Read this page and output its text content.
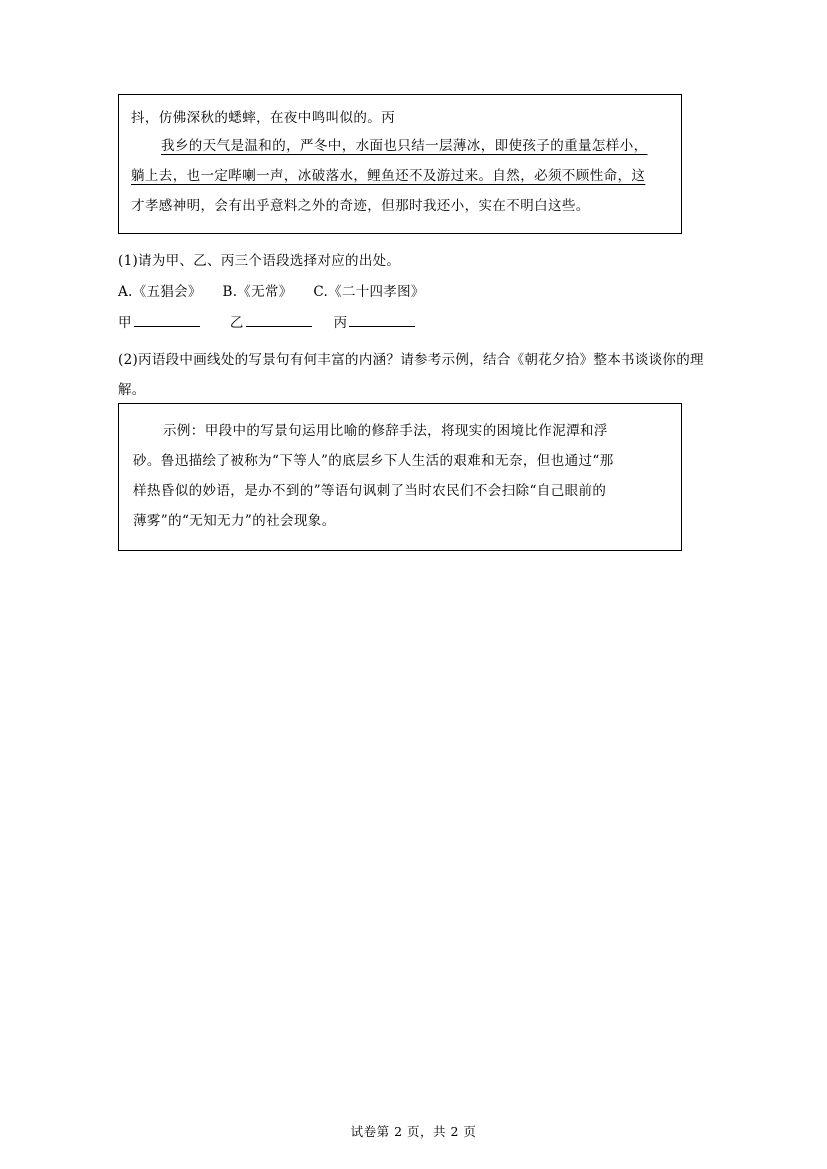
抖，仿佛深秋的蟋蟀，在夜中鸣叫似的。丙
我乡的天气是温和的，严冬中，水面也只结一层薄冰，即使孩子的重量怎样小，
躺上去，也一定哔喇一声，冰破落水，鲤鱼还不及游过来。自然，必须不顾性命，这
才孝感神明，会有出乎意料之外的奇迹，但那时我还小，实在不明白这些。
(1)请为甲、乙、丙三个语段选择对应的出处。
A.《五猖会》　　B.《无常》　　C.《二十四孝图》
甲	乙	丙
(2)丙语段中画线处的写景句有何丰富的内涵？请参考示例，结合《朝花夕拾》整本书谈谈你的理解。
示例：甲段中的写景句运用比喻的修辞手法，将现实的困境比作泥潭和浮
砂。鲁迅描绘了被称为“下等人”的底层乡下人生活的艰难和无奈，但也通过“那
样热昏似的妙语，是办不到的”等语句讽刺了当时农民们不会扫除“自己眼前的
薄雾”的“无知无力”的社会现象。
试卷第 2 页，共 2 页
